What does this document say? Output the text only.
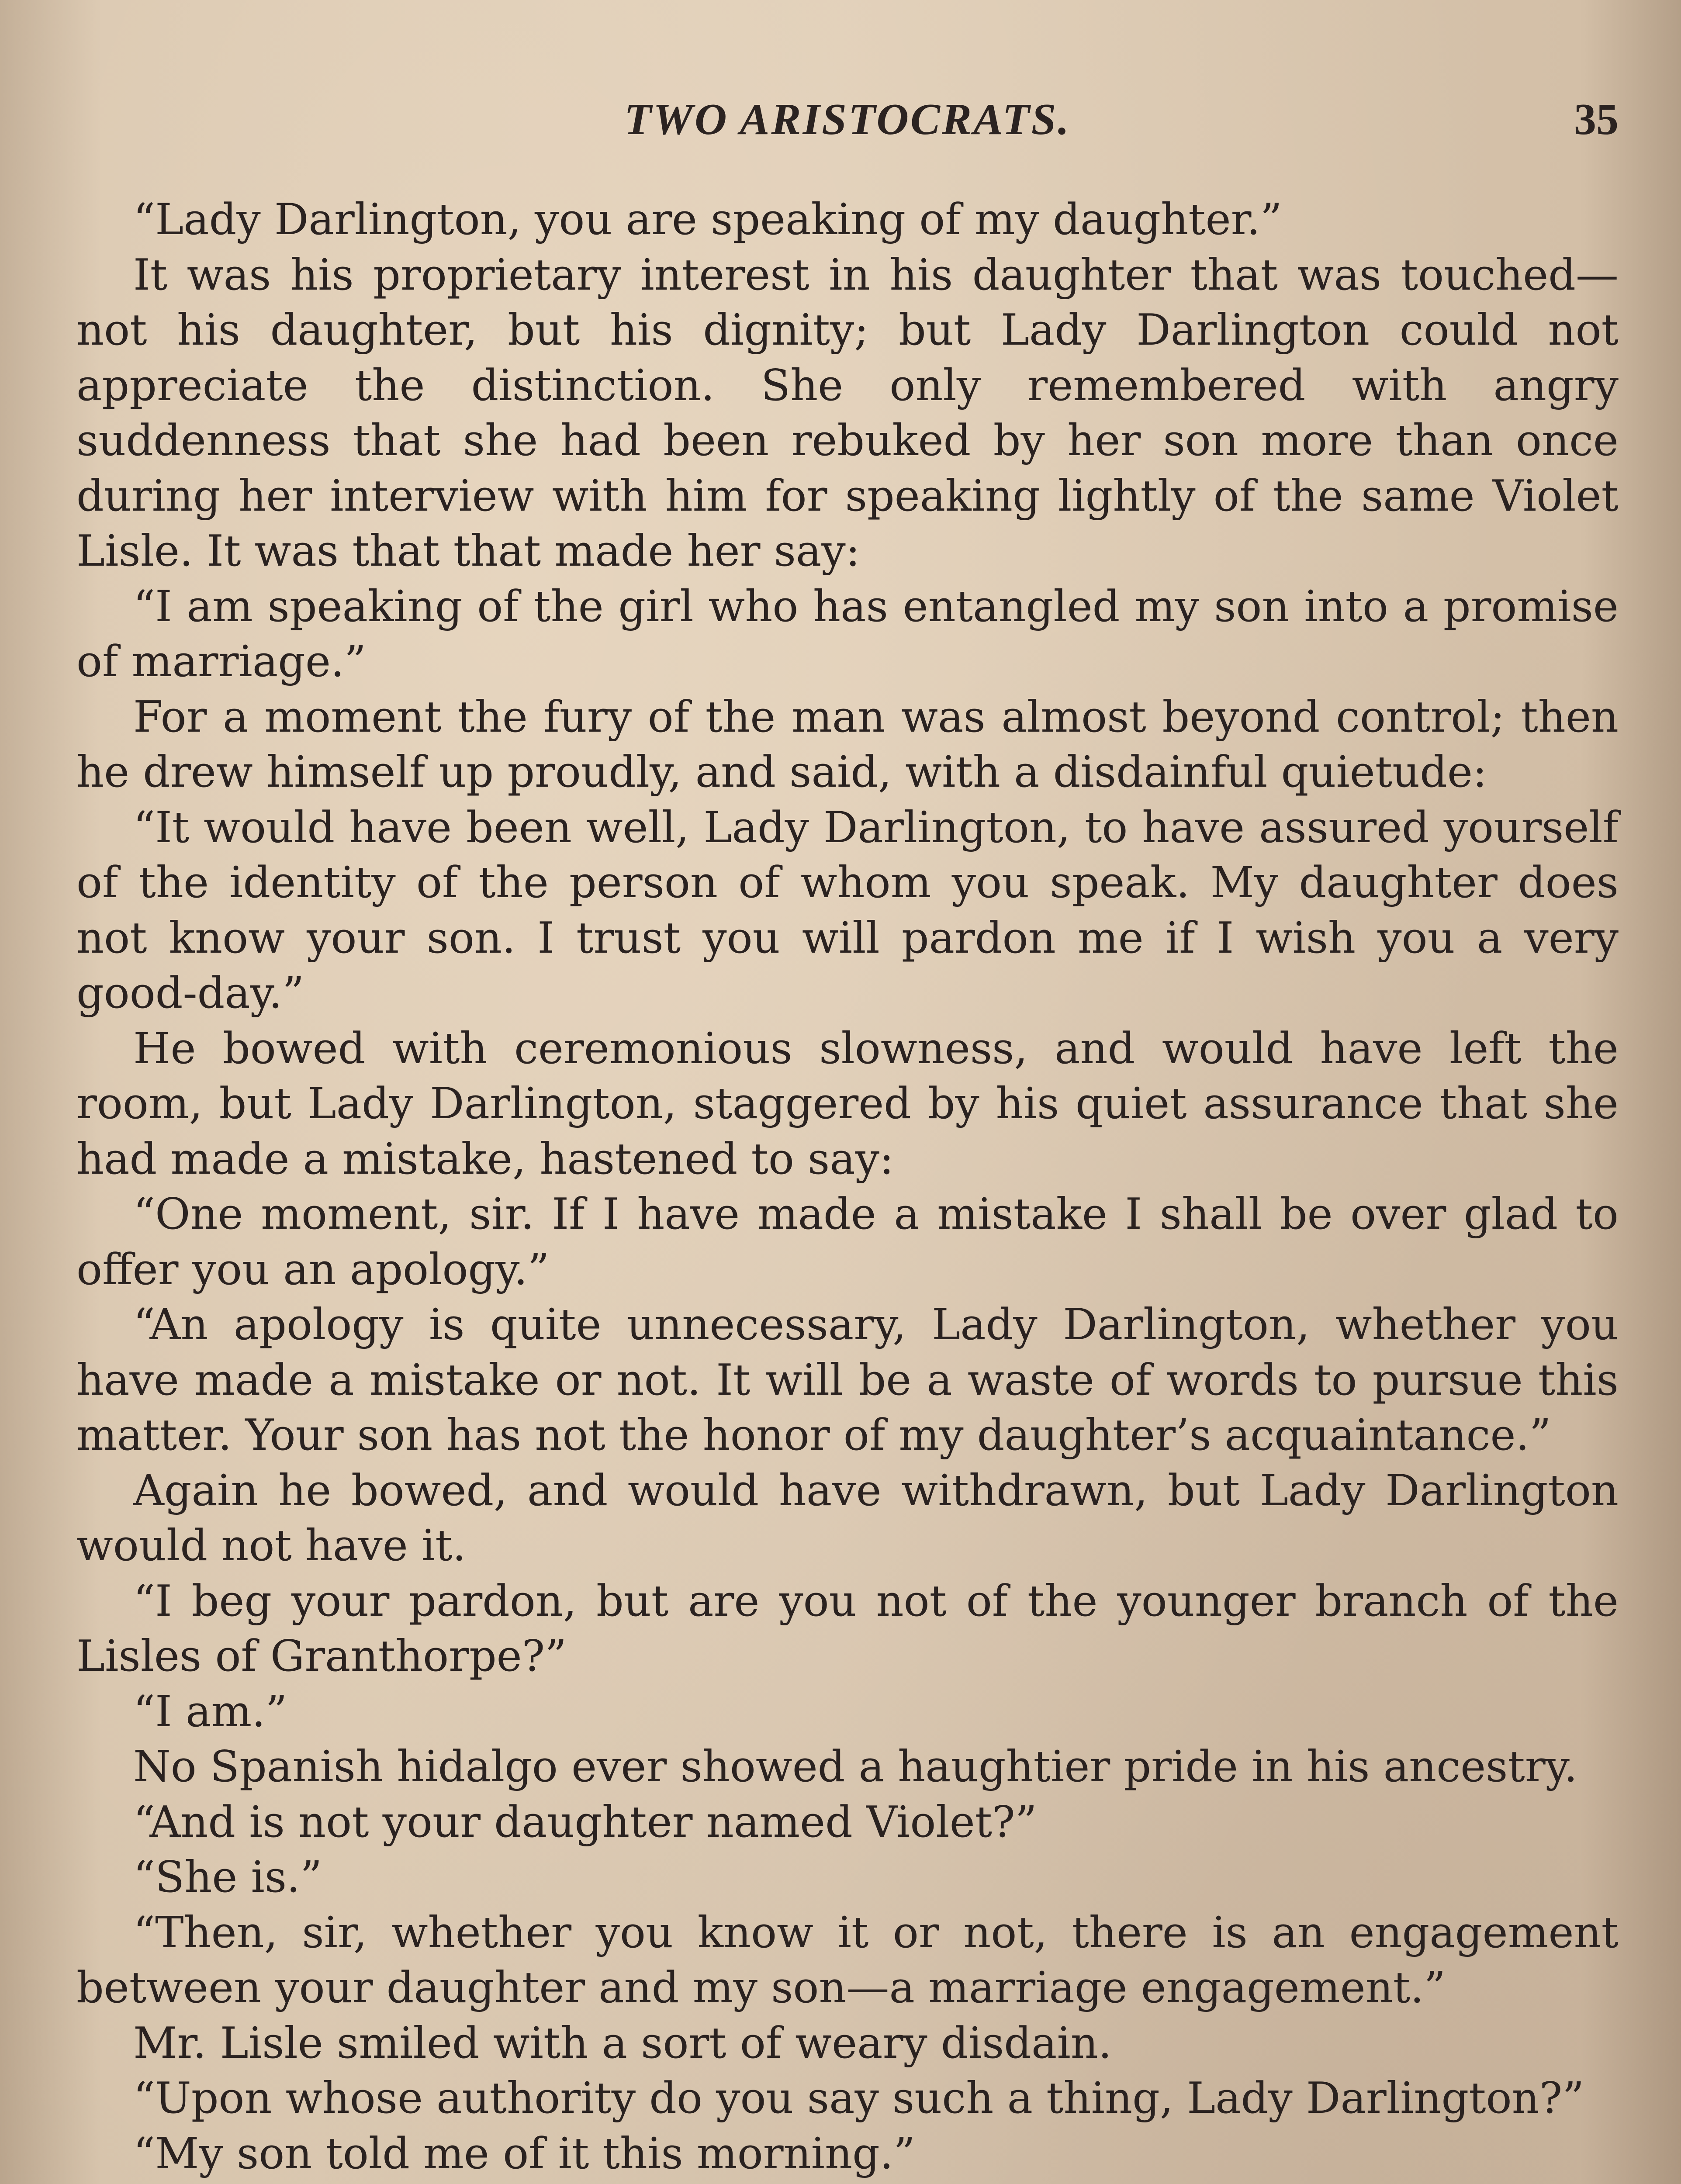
TWO ARISTOCRATS.	35

“Lady Darlington, you are speaking of my daughter.”

It was his proprietary interest in his daughter that was touched—not his daughter, but his dignity; but Lady Darlington could not appreciate the distinction. She only remembered with angry suddenness that she had been rebuked by her son more than once during her interview with him for speaking lightly of the same Violet Lisle. It was that that made her say:

“I am speaking of the girl who has entangled my son into a promise of marriage.”

For a moment the fury of the man was almost beyond control; then he drew himself up proudly, and said, with a disdainful quietude:

“It would have been well, Lady Darlington, to have assured yourself of the identity of the person of whom you speak. My daughter does not know your son. I trust you will pardon me if I wish you a very good-day.”

He bowed with ceremonious slowness, and would have left the room, but Lady Darlington, staggered by his quiet assurance that she had made a mistake, hastened to say:

“One moment, sir. If I have made a mistake I shall be over glad to offer you an apology.”

“An apology is quite unnecessary, Lady Darlington, whether you have made a mistake or not. It will be a waste of words to pursue this matter. Your son has not the honor of my daughter’s acquaintance.”

Again he bowed, and would have withdrawn, but Lady Darlington would not have it.

“I beg your pardon, but are you not of the younger branch of the Lisles of Granthorpe?”

“I am.”

No Spanish hidalgo ever showed a haughtier pride in his ancestry.

“And is not your daughter named Violet?”

“She is.”

“Then, sir, whether you know it or not, there is an engagement between your daughter and my son—a marriage engagement.”

Mr. Lisle smiled with a sort of weary disdain.

“Upon whose authority do you say such a thing, Lady Darlington?”

“My son told me of it this morning.”
